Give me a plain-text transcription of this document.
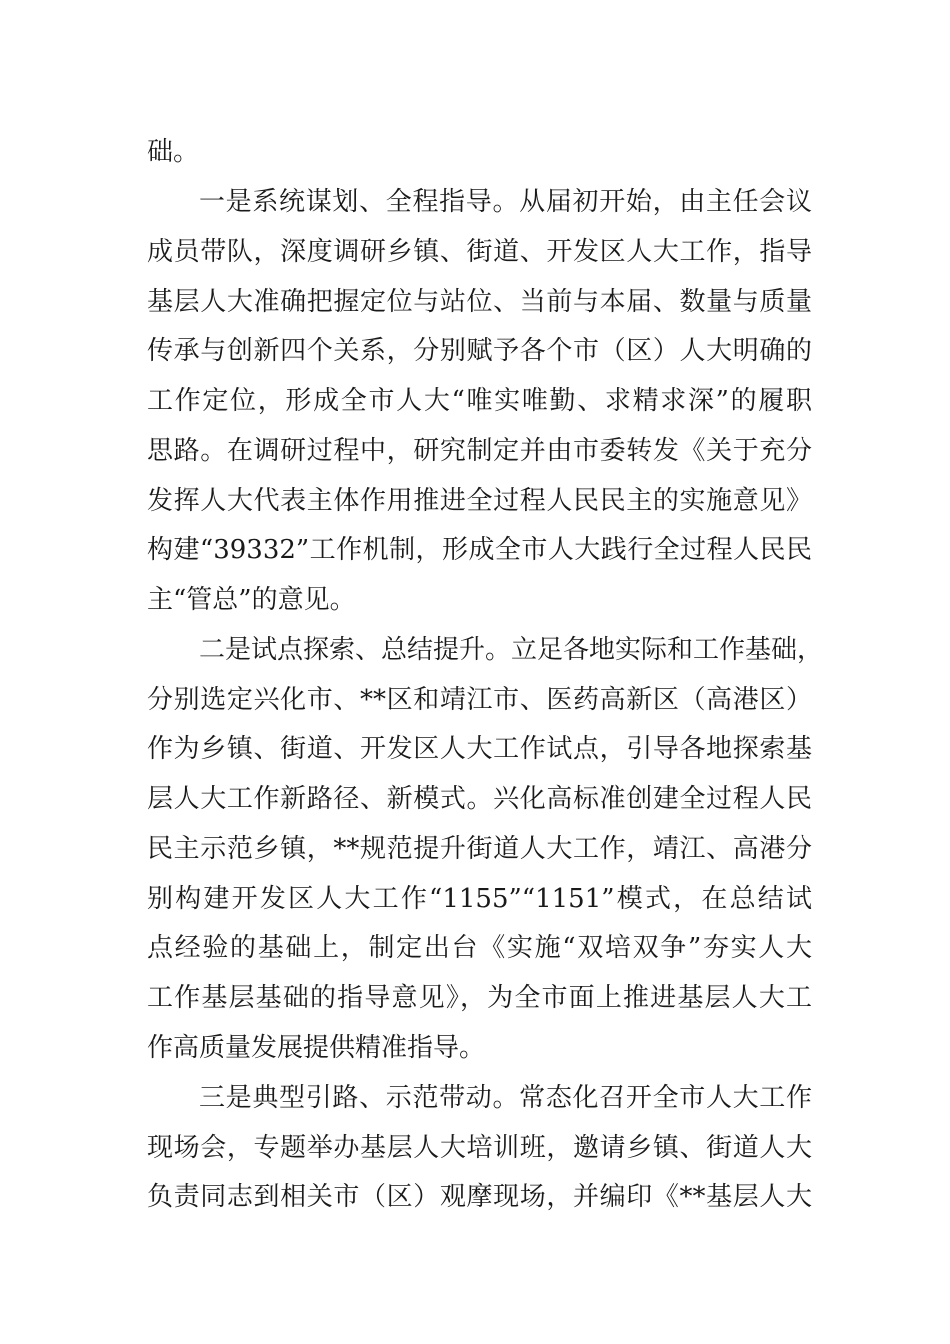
础。

一是系统谋划、全程指导。从届初开始，由主任会议

成员带队，深度调研乡镇、街道、开发区人大工作，指导

基层人大准确把握定位与站位、当前与本届、数量与质量

传承与创新四个关系，分别赋予各个市（区）人大明确的

工作定位，形成全市人大“唯实唯勤、求精求深”的履职

思路。在调研过程中，研究制定并由市委转发《关于充分

发挥人大代表主体作用推进全过程人民民主的实施意见》

构建“39332”工作机制，形成全市人大践行全过程人民民

主“管总”的意见。

二是试点探索、总结提升。立足各地实际和工作基础，

分别选定兴化市、**区和靖江市、医药高新区（高港区）

作为乡镇、街道、开发区人大工作试点，引导各地探索基

层人大工作新路径、新模式。兴化高标准创建全过程人民

民主示范乡镇，**规范提升街道人大工作，靖江、高港分

别构建开发区人大工作“1155”“1151”模式，在总结试

点经验的基础上，制定出台《实施“双培双争”夯实人大

工作基层基础的指导意见》，为全市面上推进基层人大工

作高质量发展提供精准指导。

三是典型引路、示范带动。常态化召开全市人大工作

现场会，专题举办基层人大培训班，邀请乡镇、街道人大

负责同志到相关市（区）观摩现场，并编印《**基层人大
